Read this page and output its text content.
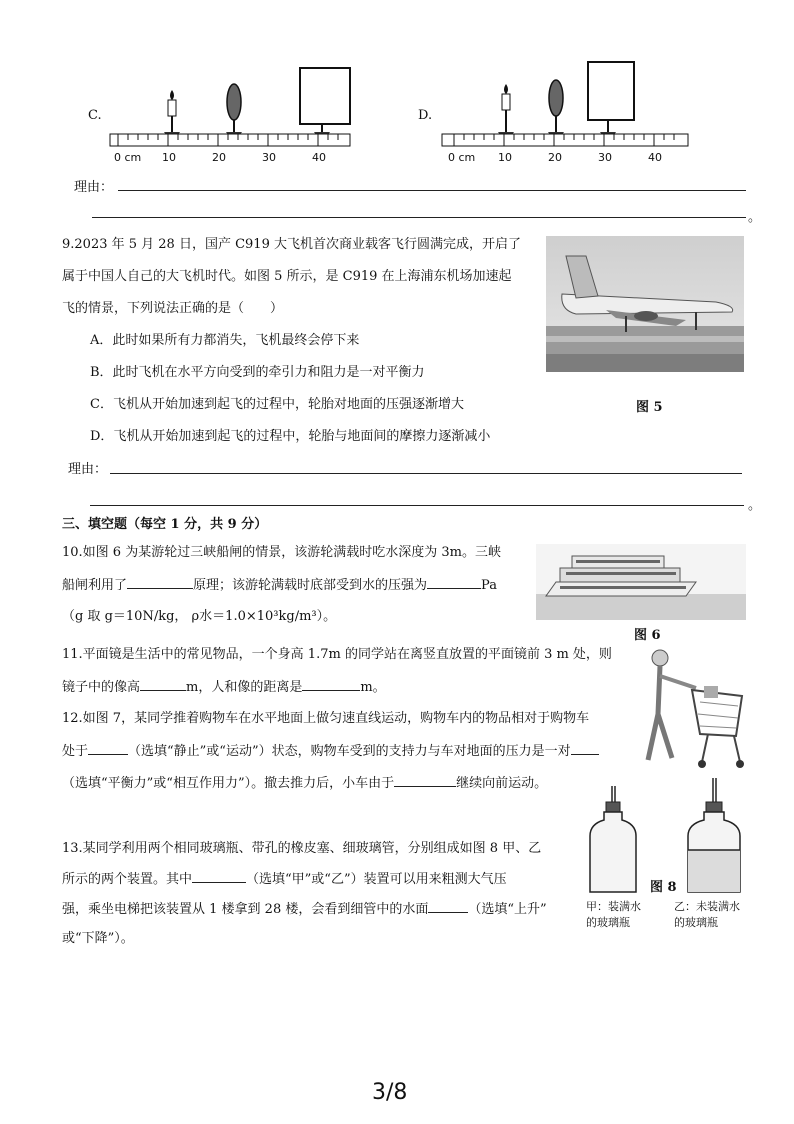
C.
0 cm 10	20	30	40
D.
0 cm 10	20	30	40
理由：
。
9.2023 年 5 月 28 日，国产 C919 大飞机首次商业载客飞行圆满完成，开启了
属于中国人自己的大飞机时代。如图 5 所示，是 C919 在上海浦东机场加速起
飞的情景，下列说法正确的是（　　）
A．此时如果所有力都消失，飞机最终会停下来
B．此时飞机在水平方向受到的牵引力和阻力是一对平衡力
C．飞机从开始加速到起飞的过程中，轮胎对地面的压强逐渐增大
D．飞机从开始加速到起飞的过程中，轮胎与地面间的摩擦力逐渐减小
图 5
理由：
。
三、填空题（每空 1 分，共 9 分）
10.如图 6 为某游轮过三峡船闸的情景，该游轮满载时吃水深度为 3m。三峡
船闸利用了	原理；该游轮满载时底部受到水的压强为	Pa
（g 取 g＝10N/kg， ρ水＝1.0×10³kg/m³）。
图 6
11.平面镜是生活中的常见物品，一个身高 1.7m 的同学站在离竖直放置的平面镜前 3 m 处，则
镜子中的像高	m，人和像的距离是	m。
12.如图 7，某同学推着购物车在水平地面上做匀速直线运动，购物车内的物品相对于购物车
处于	（选填“静止”或“运动”）状态，购物车受到的支持力与车对地面的压力是一对
（选填“平衡力”或“相互作用力”）。撤去推力后，小车由于	继续向前运动。
13.某同学利用两个相同玻璃瓶、带孔的橡皮塞、细玻璃管，分别组成如图 8 甲、乙
所示的两个装置。其中	（选填“甲”或“乙”）装置可以用来粗测大气压
强，乘坐电梯把该装置从 1 楼拿到 28 楼，会看到细管中的水面	（选填“上升”
或“下降”）。
图 8
甲：装满水
的玻璃瓶
乙：未装满水
的玻璃瓶
3/8
